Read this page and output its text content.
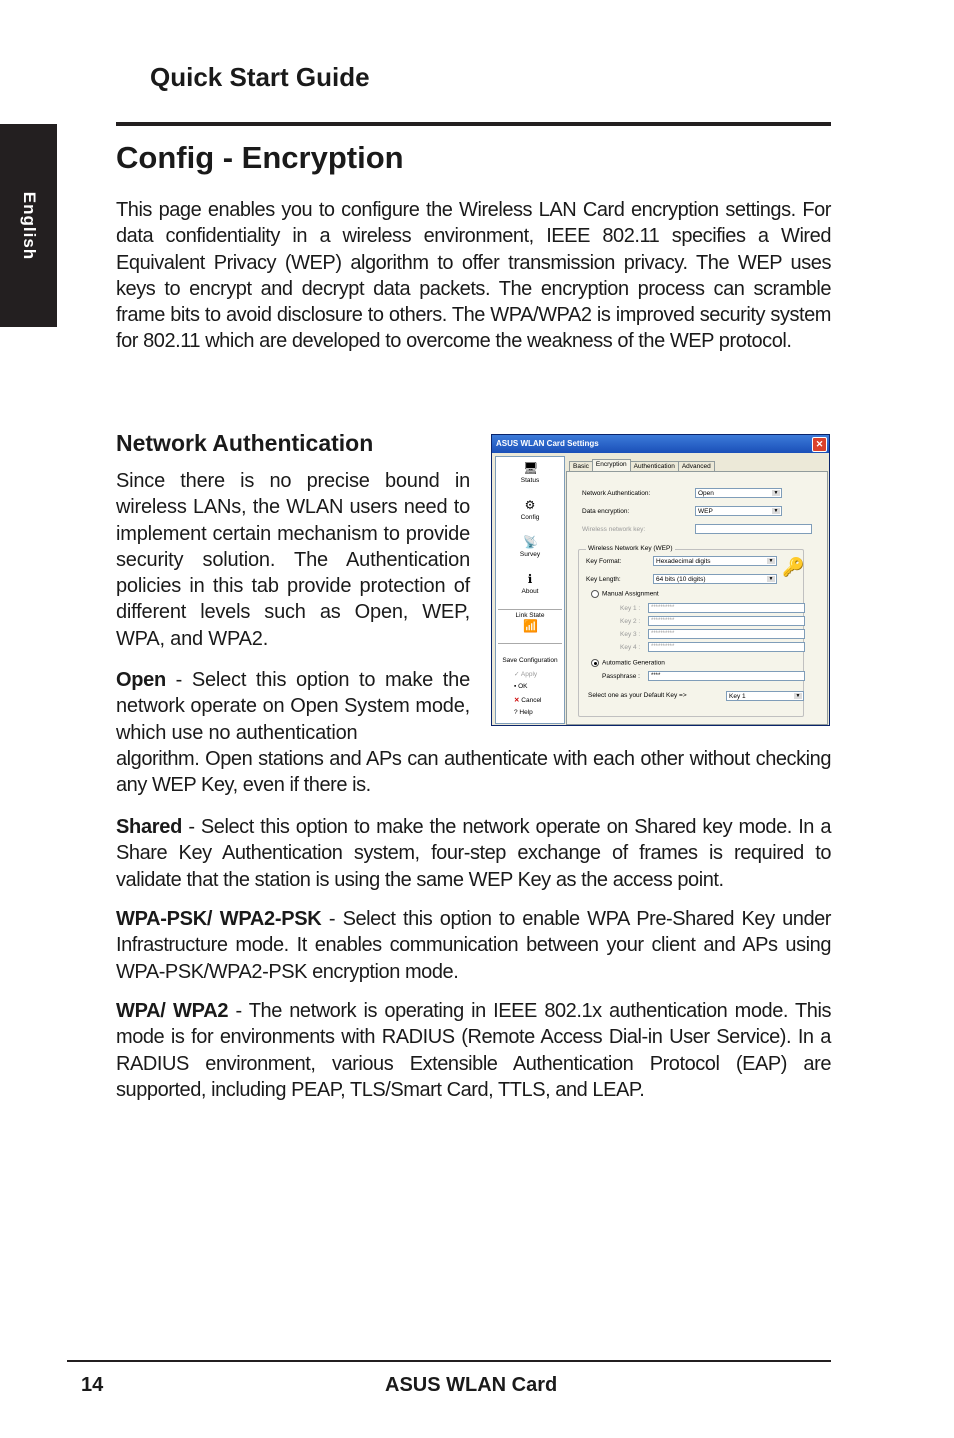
English
Quick Start Guide
Config - Encryption

This page enables you to configure the Wireless LAN Card encryption settings. For data confidentiality in a wireless environment, IEEE 802.11 specifies a Wired Equivalent Privacy (WEP) algorithm to offer transmission privacy. The WEP uses keys to encrypt and decrypt data packets. The encryption process can scramble frame bits to avoid disclosure to others. The WPA/WPA2 is improved security system for 802.11 which are developed to overcome the weakness of the WEP protocol.

Network Authentication

Since there is no precise bound in wireless LANs, the WLAN users need to implement certain mechanism to provide security solution. The Authentication policies in this tab provide protection of different levels such as Open, WEP, WPA, and WPA2.

Open - Select this option to make the network operate on Open System mode, which use no authentication

algorithm. Open stations and APs can authenticate with each other without checking any WEP Key, even if there is.

Shared - Select this option to make the network operate on Shared key mode. In a Share Key Authentication system, four-step exchange of frames is required to validate that the station is using the same WEP Key as the access point.

WPA-PSK/ WPA2-PSK - Select this option to enable WPA Pre-Shared Key under Infrastructure mode. It enables communication between your client and APs using WPA-PSK/WPA2-PSK encryption mode.

WPA/ WPA2 - The network is operating in IEEE 802.1x authentication mode. This mode is for environments with RADIUS (Remote Access Dial-in User Service). In a RADIUS environment, various Extensible Authentication Protocol (EAP) are supported, including PEAP, TLS/Smart Card, TTLS, and LEAP.

ASUS WLAN Card Settings	✕
🖥
Status
⚙
Config
📡
Survey
ℹ
About
Link State
📶
Save Configuration
✓ Apply
▪ OK
✕ Cancel
? Help
Basic Encryption Authentication Advanced
Network Authentication:	Open	▼
Data encryption:	WEP	▼
Wireless network key:
Wireless Network Key (WEP)
Key Format:	Hexadecimal digits	▼
Key Length:	64 bits (10 digits)	▼
🔑
Manual Assignment
Key 1 :	**********
Key 2 :	**********
Key 3 :	**********
Key 4 :	**********
Automatic Generation
Passphrase :	****
Select one as your Default Key =>	Key 1	▼
14	ASUS WLAN Card
